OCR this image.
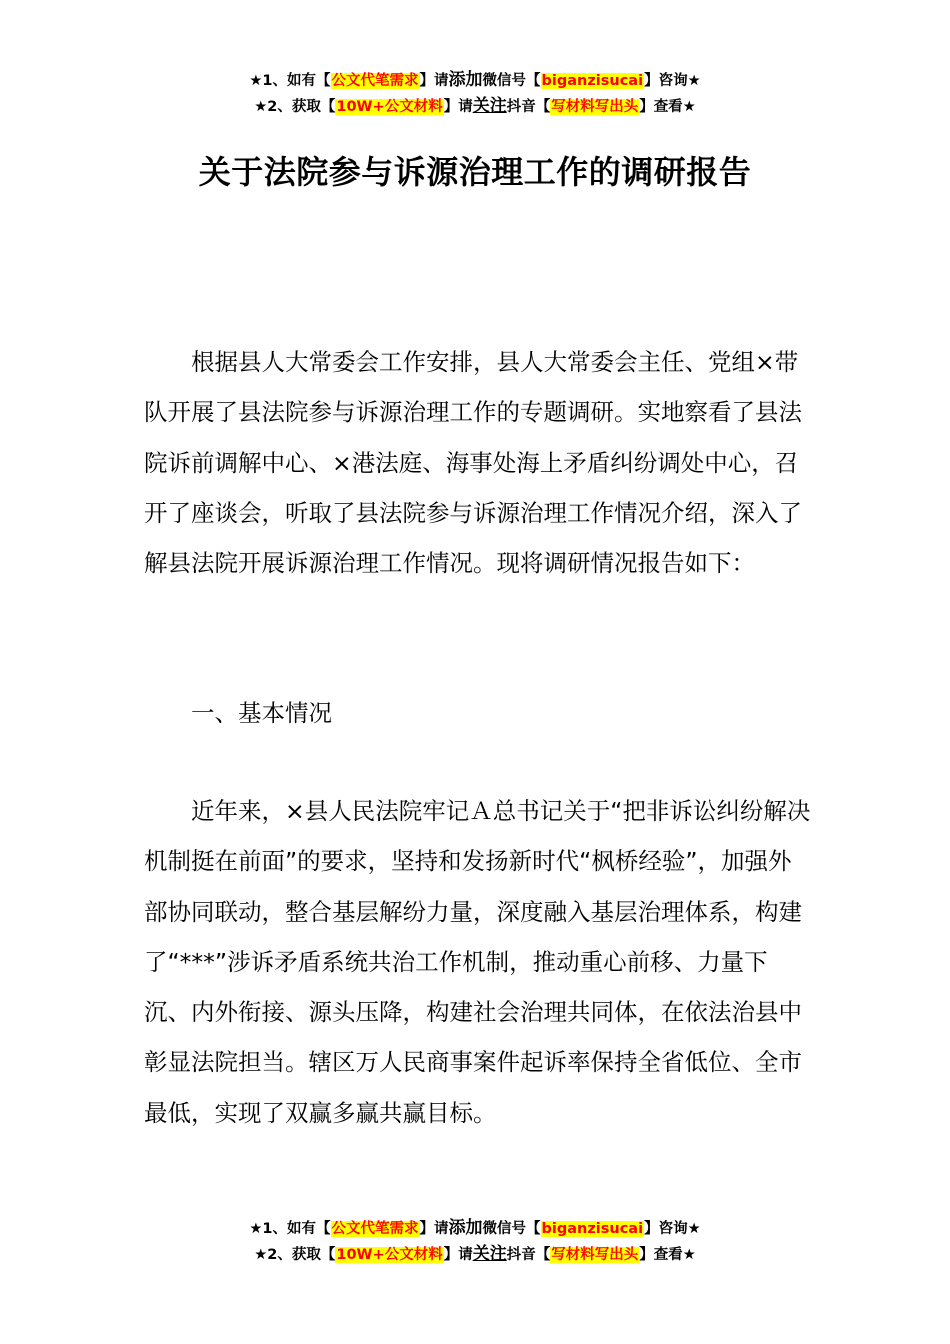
★1、如有【公文代笔需求】请添加微信号【biganzisucai】咨询★
★2、获取【10W+公文材料】请关注抖音【写材料写出头】查看★
关于法院参与诉源治理工作的调研报告

根据县人大常委会工作安排，县人大常委会主任、党组×带队开展了县法院参与诉源治理工作的专题调研。实地察看了县法院诉前调解中心、×港法庭、海事处海上矛盾纠纷调处中心，召开了座谈会，听取了县法院参与诉源治理工作情况介绍，深入了解县法院开展诉源治理工作情况。现将调研情况报告如下：

一、基本情况

近年来，×县人民法院牢记Ａ总书记关于“把非诉讼纠纷解决机制挺在前面”的要求，坚持和发扬新时代“枫桥经验”，加强外部协同联动，整合基层解纷力量，深度融入基层治理体系，构建了“***”涉诉矛盾系统共治工作机制，推动重心前移、力量下沉、内外衔接、源头压降，构建社会治理共同体，在依法治县中彰显法院担当。辖区万人民商事案件起诉率保持全省低位、全市最低，实现了双赢多赢共赢目标。

★1、如有【公文代笔需求】请添加微信号【biganzisucai】咨询★
★2、获取【10W+公文材料】请关注抖音【写材料写出头】查看★
